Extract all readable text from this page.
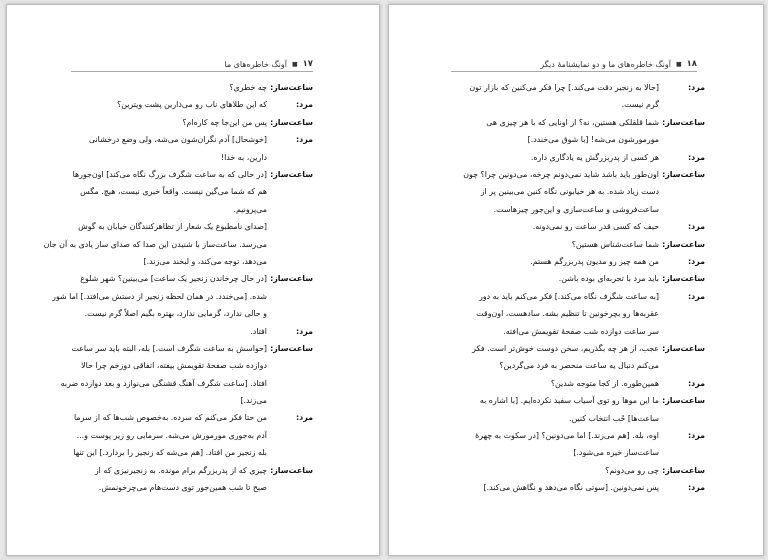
۱۷
■
آونگ خاطره‌های ما
ساعت‌ساز:
چه خطری؟
مرد:
که این طلاهای ناب رو می‌ذارین پشت ویترین؟
ساعت‌ساز:
پس من این‌جا چه کاره‌ام؟
مرد:
[خوشحال] آدم نگران‌شون می‌شه، ولی وضع درخشانی
دارین، به خدا!
ساعت‌ساز:
[در حالی که به ساعت شگرف بزرگ نگاه می‌کند] اون‌جورها
هم که شما می‌گین نیست. واقعاً خبری نیست، هیچ. مگس
می‌پرونیم.
[صدای نامطبوع یک شعار از تظاهرکنندگان خیابان به گوش
می‌رسد. ساعت‌ساز با شنیدن این صدا که صدای ساز یادی به آن جان
می‌دهد، توجه می‌کند، و لبخند می‌زند.]
ساعت‌ساز:
[در حال چرخاندن زنجیر یک ساعت] می‌بینین؟ شهر شلوغ
شده. [می‌خندد. در همان لحظه زنجیر از دستش می‌افتد.] اما شور
و حالی ندارد، گرمایی ندارد، بهتره بگیم اصلاً گرم نیست.
مرد:
افتاد.
ساعت‌ساز:
[حواسش به ساعت شگرف است.] بله، البته باید سر ساعت
دوازده شب صفحهٔ تقویمش بیفته، اتفاقی دوزخم چرا حالا
افتاد. [ساعت شگرف آهنگ قشنگی می‌نوازد و بعد دوازده ضربه
می‌زند.]
مرد:
من حتا فکر می‌کنم که سرده. به‌خصوص شب‌ها که از سرما
آدم به‌جوری مورمورش می‌شه. سرمایی رو زیر پوست و...
بله زنجیر من افتاد. [هم می‌شه که زنجیر را بردارد.] این تنها
ساعت‌ساز:
چیزی که از پدربزرگم برام مونده. به زنجیرنیزی که از
صبح تا شب همین‌جور توی دست‌هام می‌چرخونمش.
۱۸
■
آونگ خاطره‌های ما و دو نمایشنامهٔ دیگر
مرد:
[حالا به زنجیر دقت می‌کند.] چرا فکر می‌کنین که بازار تون
گرم نیست.
ساعت‌ساز:
شما قلقلکی هستین، نه؟ از اونایی که با هر چیزی هی
مورمورشون می‌شه! [با شوق می‌خندد.]
مرد:
هر کسی از پدربزرگش یه یادگاری داره.
ساعت‌ساز:
اون‌طور باید باشد شاید نمی‌دونم چرخه، می‌دونین چرا؟ چون
دست زیاد شده. به هر خیابونی نگاه کنین می‌بینین پر از
ساعت‌فروشی و ساعت‌سازی و این‌جور چیزهاست.
مرد:
حیف که کسی قدر ساعت رو نمی‌دونه.
ساعت‌ساز:
شما ساعت‌شناس هستین؟
مرد:
من همه چیز رو مدیون پدربزرگم هستم.
ساعت‌ساز:
باید مرد با تجربه‌ای بوده باشن.
مرد:
[به ساعت شگرف نگاه می‌کند.] فکر می‌کنم باید به دور
عقربه‌ها رو بچرخونین تا تنظیم بشه. سادهست، اون‌وقت
سر ساعت دوازده شب صفحهٔ تقویمش می‌افته.
ساعت‌ساز:
عجب، از هر چه بگذریم، سخن دوست خوش‌تر است. فکر
می‌کنم دنبال یه ساعت منحصر به فرد می‌گردین؟
مرد:
همین‌طوره. از کجا متوجه شدین؟
ساعت‌ساز:
ما این موها رو توی آسیاب سفید نکرده‌ایم. [با اشاره به
ساعت‌ها] حُب انتخاب کنین.
مرد:
اوه، بله. [هم می‌زند.] اما می‌دونین؟ [در سکوت به چهرهٔ
ساعت‌ساز خیره می‌شود.]
ساعت‌ساز:
چی رو می‌دونم؟
مرد:
پس نمی‌دونین. [سوتی نگاه می‌دهد و نگاهش می‌کند.]
